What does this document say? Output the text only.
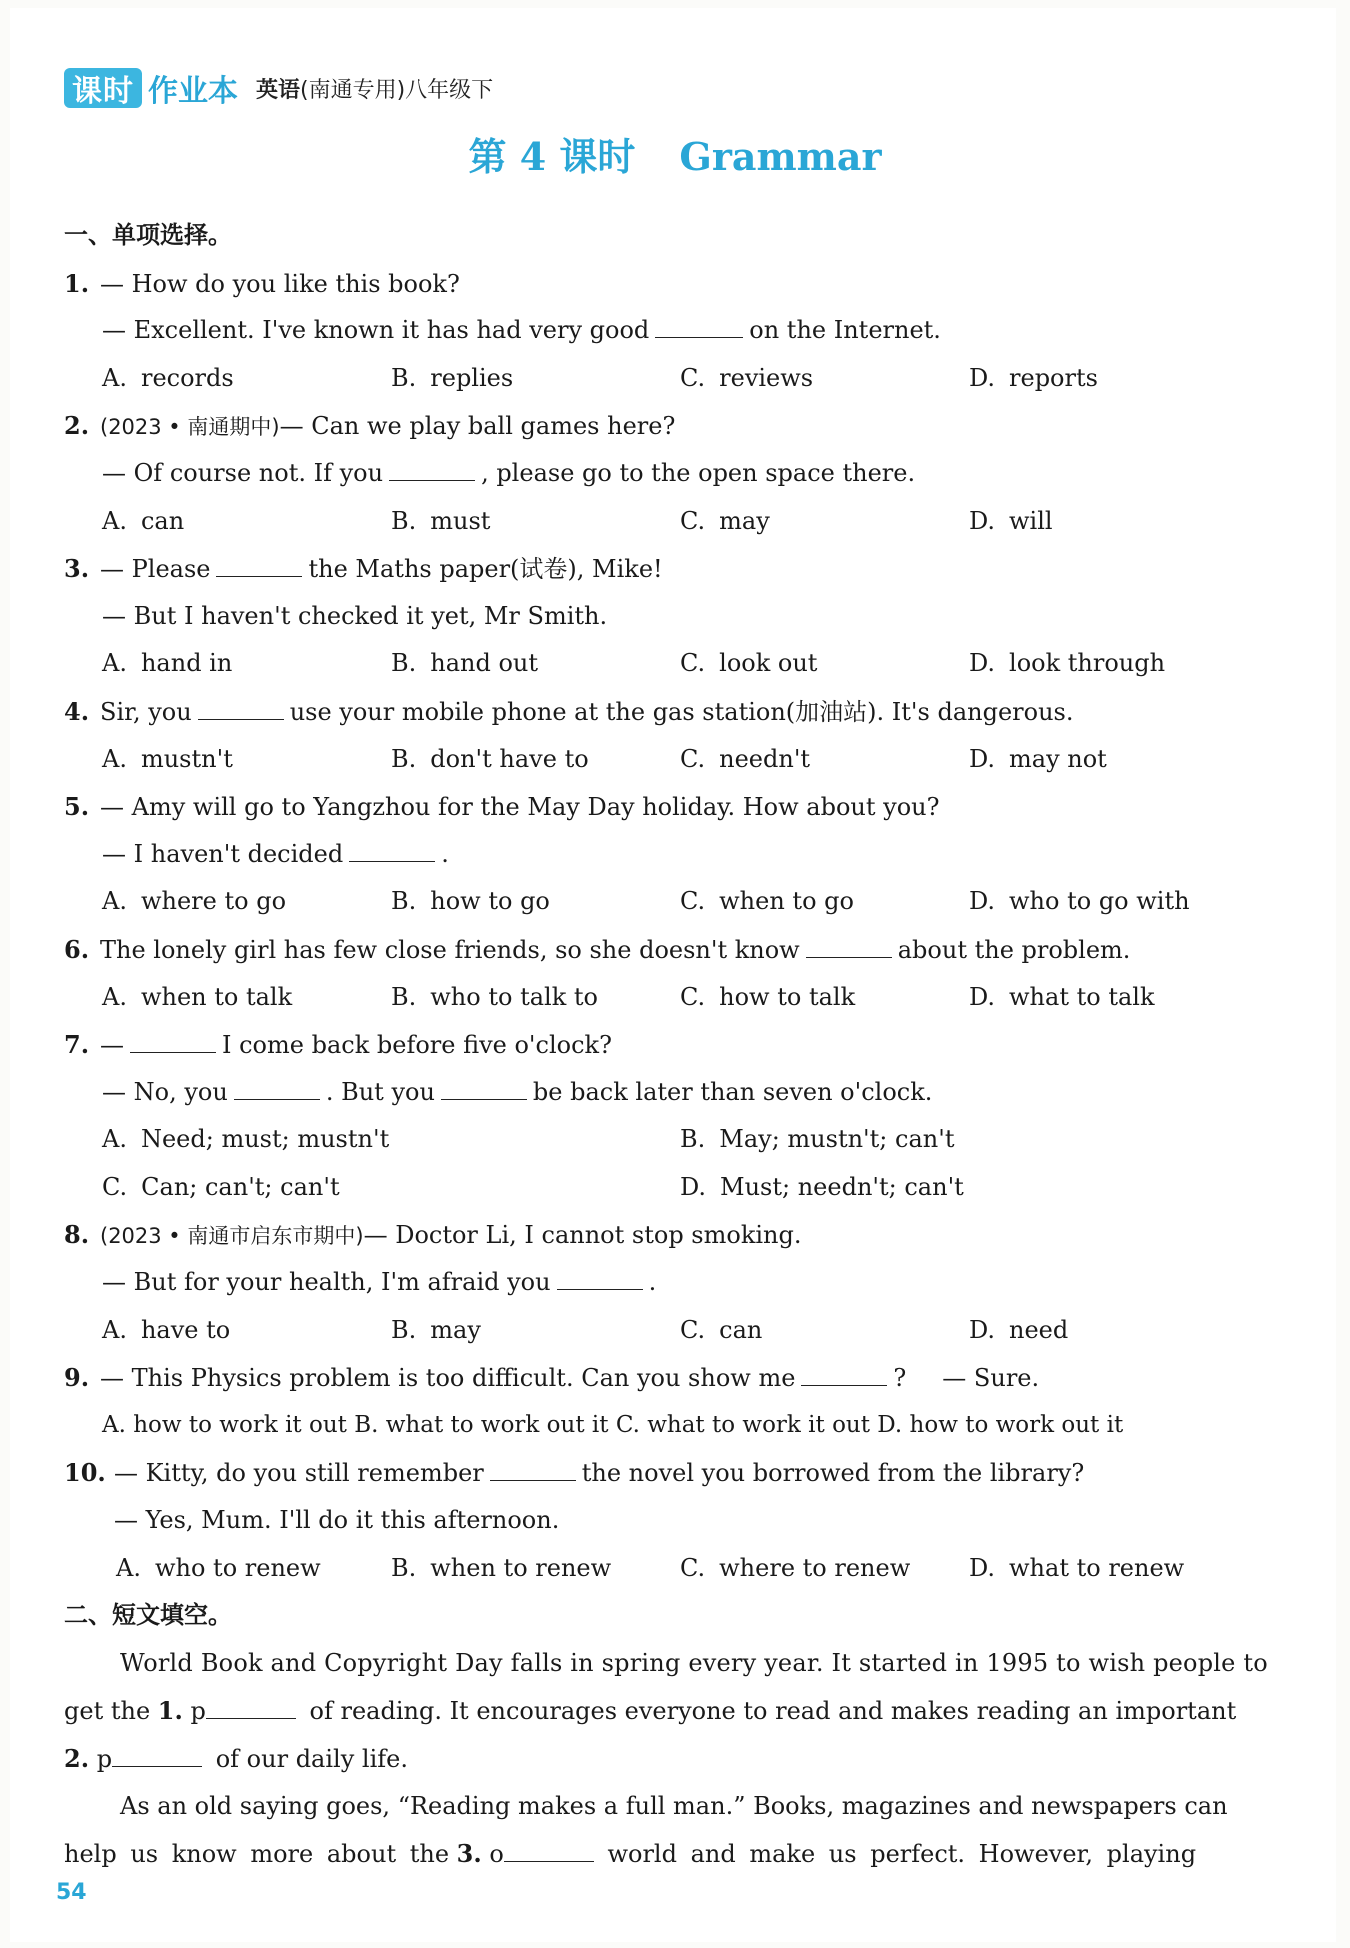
课时 作业本 英语(南通专用)八年级下
第 4 课时 Grammar
一、单项选择。
1. — How do you like this book?
— Excellent. I've known it has had very good	on the Internet.
A. records	B. replies	C. reviews	D. reports
2. (2023 • 南通期中)— Can we play ball games here?
— Of course not. If you	, please go to the open space there.
A. can	B. must	C. may	D. will
3. — Please	the Maths paper(试卷), Mike!
— But I haven't checked it yet, Mr Smith.
A. hand in	B. hand out	C. look out	D. look through
4. Sir, you	use your mobile phone at the gas station(加油站). It's dangerous.
A. mustn't	B. don't have to	C. needn't	D. may not
5. — Amy will go to Yangzhou for the May Day holiday. How about you?
— I haven't decided	.
A. where to go	B. how to go	C. when to go	D. who to go with
6. The lonely girl has few close friends, so she doesn't know	about the problem.
A. when to talk	B. who to talk to	C. how to talk	D. what to talk
7. —	I come back before five o'clock?
— No, you	. But you	be back later than seven o'clock.
A. Need; must; mustn't	B. May; mustn't; can't
C. Can; can't; can't	D. Must; needn't; can't
8. (2023 • 南通市启东市期中)— Doctor Li, I cannot stop smoking.
— But for your health, I'm afraid you	.
A. have to	B. may	C. can	D. need
9. — This Physics problem is too difficult. Can you show me	? — Sure.
A. how to work it out B. what to work out it C. what to work it out D. how to work out it
10. — Kitty, do you still remember	the novel you borrowed from the library?
— Yes, Mum. I'll do it this afternoon.
A. who to renew	B. when to renew	C. where to renew	D. what to renew
二、短文填空。
World Book and Copyright Day falls in spring every year. It started in 1995 to wish people to
get the 1. p	of reading. It encourages everyone to read and makes reading an important
2. p	of our daily life.
As an old saying goes, “Reading makes a full man.” Books, magazines and newspapers can
help us know more about the 3. o	world and make us perfect. However, playing
54
